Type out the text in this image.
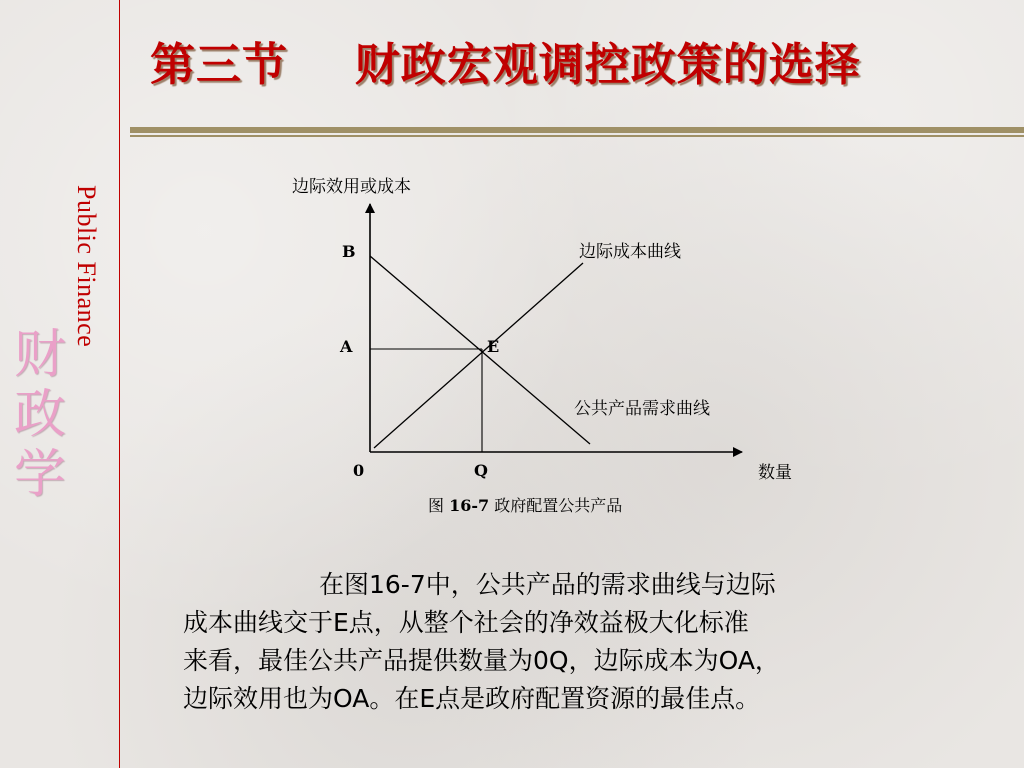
第三节 财政宏观调控政策的选择
Public Finance
财政学
边际效用或成本
数量
B
A	E
0	Q
边际成本曲线
公共产品需求曲线
图 16-7 政府配置公共产品

在图16-7中，公共产品的需求曲线与边际

成本曲线交于E点，从整个社会的净效益极大化标准

来看，最佳公共产品提供数量为0Q，边际成本为OA，

边际效用也为OA。在E点是政府配置资源的最佳点。
